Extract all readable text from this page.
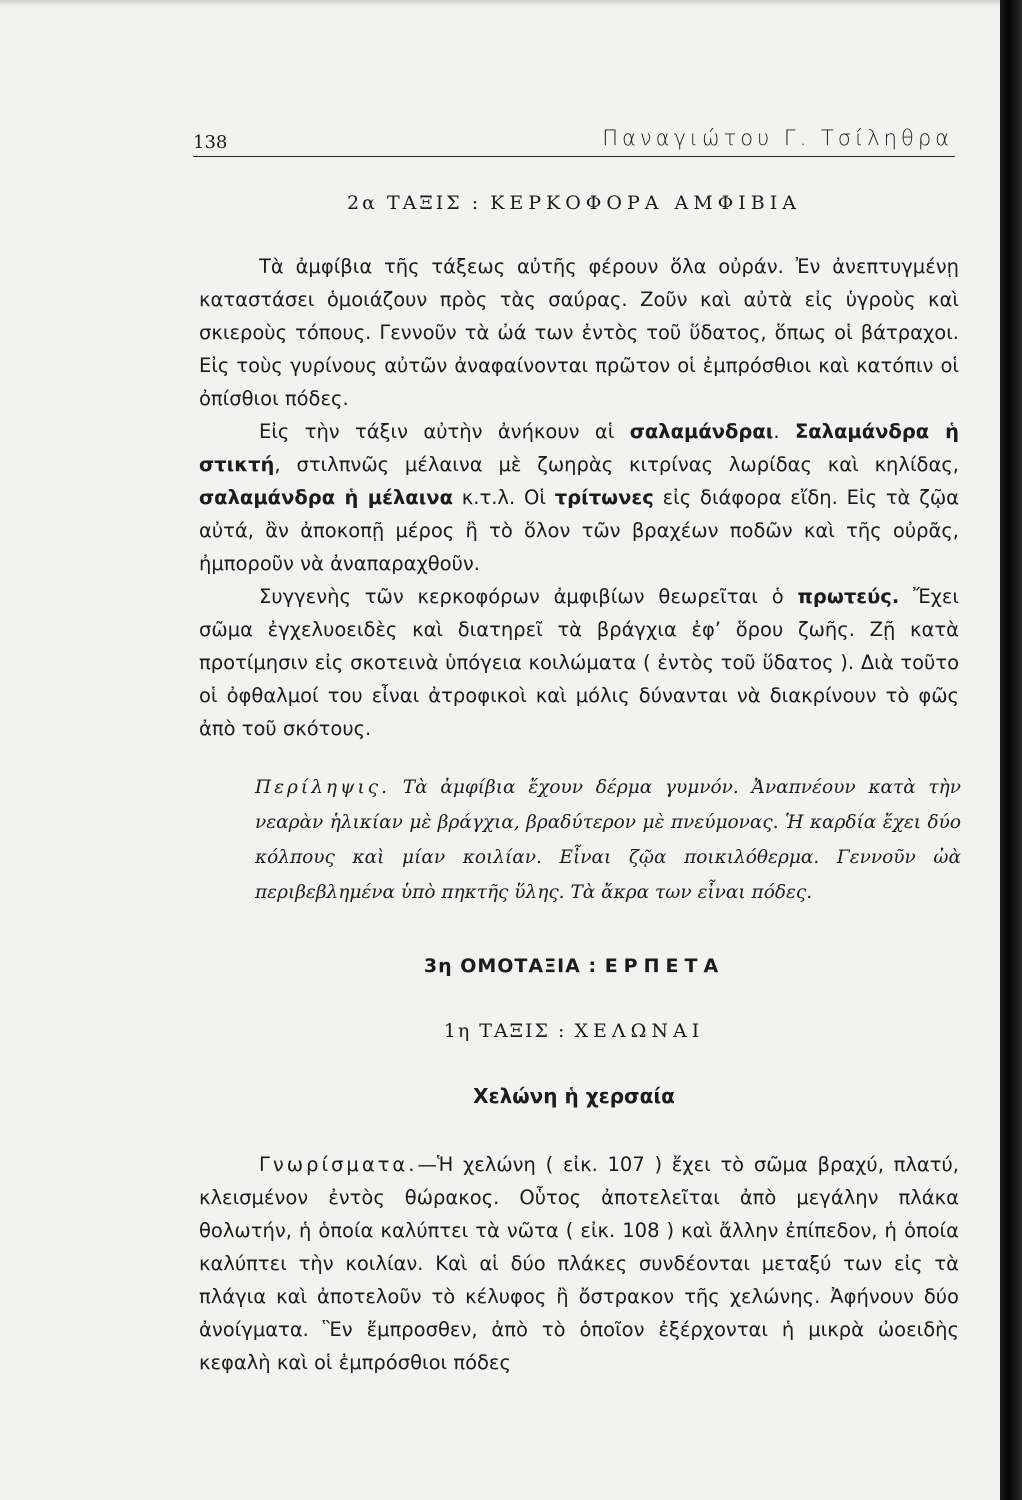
138	Παναγιώτου Γ. Τσίληθρα
2α ΤΑΞΙΣ : ΚΕΡΚΟΦΟΡΑ ΑΜΦΙΒΙΑ

Τὰ ἀμφίβια τῆς τάξεως αὐτῆς φέρουν ὅλα οὐράν. Ἐν ἀνεπτυγμένῃ καταστάσει ὁμοιάζουν πρὸς τὰς σαύρας. Ζοῦν καὶ αὐτὰ εἰς ὑγροὺς καὶ σκιεροὺς τόπους. Γεννοῦν τὰ ὠά των ἐντὸς τοῦ ὕδατος, ὅπως οἱ βάτραχοι. Εἰς τοὺς γυρίνους αὐτῶν ἀναφαίνονται πρῶτον οἱ ἐμπρόσθιοι καὶ κατόπιν οἱ ὀπίσθιοι πόδες.

Εἰς τὴν τάξιν αὐτὴν ἀνήκουν αἱ σαλαμάνδραι. Σαλαμάνδρα ἡ στικτή, στιλπνῶς μέλαινα μὲ ζωηρὰς κιτρίνας λωρίδας καὶ κηλίδας, σαλαμάνδρα ἡ μέλαινα κ.τ.λ. Οἱ τρίτωνες εἰς διάφορα εἴδη. Εἰς τὰ ζῷα αὐτά, ἂν ἀποκοπῇ μέρος ἢ τὸ ὅλον τῶν βραχέων ποδῶν καὶ τῆς οὐρᾶς, ἠμποροῦν νὰ ἀναπαραχθοῦν.

Συγγενὴς τῶν κερκοφόρων ἀμφιβίων θεωρεῖται ὁ πρωτεύς. Ἔχει σῶμα ἐγχελυοειδὲς καὶ διατηρεῖ τὰ βράγχια ἐφ’ ὅρου ζωῆς. Ζῇ κατὰ προτίμησιν εἰς σκοτεινὰ ὑπόγεια κοιλώματα ( ἐντὸς τοῦ ὕδατος ). Διὰ τοῦτο οἱ ὀφθαλμοί του εἶναι ἀτροφικοὶ καὶ μόλις δύνανται νὰ διακρίνουν τὸ φῶς ἀπὸ τοῦ σκότους.

Περίληψις. Τὰ ἀμφίβια ἔχουν δέρμα γυμνόν. Ἀναπνέουν κατὰ τὴν νεαρὰν ἡλικίαν μὲ βράγχια, βραδύτερον μὲ πνεύμονας. Ἡ καρδία ἔχει δύο κόλπους καὶ μίαν κοιλίαν. Εἶναι ζῷα ποικιλόθερμα. Γεννοῦν ὠὰ περιβεβλημένα ὑπὸ πηκτῆς ὕλης. Τὰ ἄκρα των εἶναι πόδες.
3η ΟΜΟΤΑΞΙΑ : ΕΡΠΕΤΑ
1η ΤΑΞΙΣ : ΧΕΛΩΝΑΙ
Χελώνη ἡ χερσαία

Γνωρίσματα.—Ἡ χελώνη ( εἰκ. 107 ) ἔχει τὸ σῶμα βραχύ, πλατύ, κλεισμένον ἐντὸς θώρακος. Οὗτος ἀποτελεῖται ἀπὸ μεγάλην πλάκα θολωτήν, ἡ ὁποία καλύπτει τὰ νῶτα ( εἰκ. 108 ) καὶ ἄλλην ἐπίπεδον, ἡ ὁποία καλύπτει τὴν κοιλίαν. Καὶ αἱ δύο πλάκες συνδέονται μεταξύ των εἰς τὰ πλάγια καὶ ἀποτελοῦν τὸ κέλυφος ἢ ὄστρακον τῆς χελώνης. Ἀφήνουν δύο ἀνοίγματα. Ἓν ἔμπροσθεν, ἀπὸ τὸ ὁποῖον ἐξέρχονται ἡ μικρὰ ὠοειδὴς κεφαλὴ καὶ οἱ ἐμπρόσθιοι πόδες
